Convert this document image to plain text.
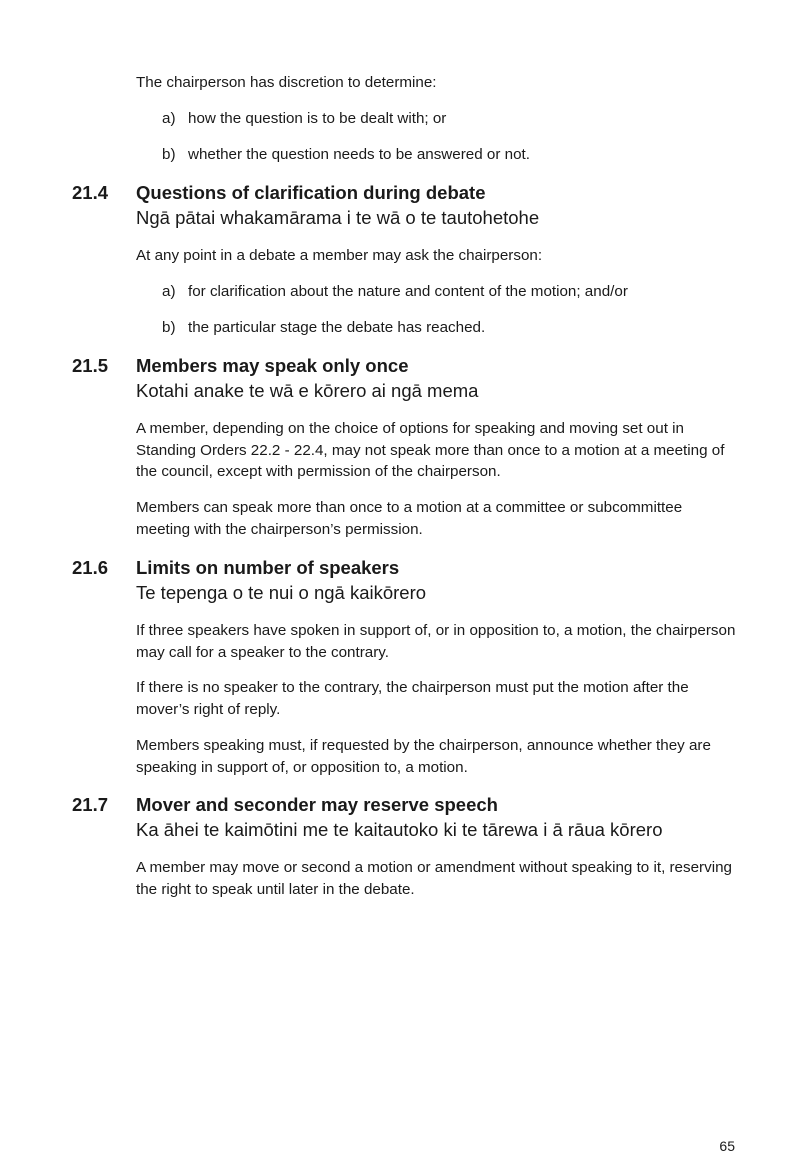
The chairperson has discretion to determine:

a) how the question is to be dealt with; or
b) whether the question needs to be answered or not.
21.4 Questions of clarification during debate
Ngā pātai whakamārama i te wā o te tautohetohe

At any point in a debate a member may ask the chairperson:

a) for clarification about the nature and content of the motion; and/or
b) the particular stage the debate has reached.
21.5 Members may speak only once
Kotahi anake te wā e kōrero ai ngā mema

A member, depending on the choice of options for speaking and moving set out in Standing Orders 22.2 - 22.4, may not speak more than once to a motion at a meeting of the council, except with permission of the chairperson.

Members can speak more than once to a motion at a committee or subcommittee meeting with the chairperson’s permission.

21.6 Limits on number of speakers
Te tepenga o te nui o ngā kaikōrero

If three speakers have spoken in support of, or in opposition to, a motion, the chairperson may call for a speaker to the contrary.

If there is no speaker to the contrary, the chairperson must put the motion after the mover’s right of reply.

Members speaking must, if requested by the chairperson, announce whether they are speaking in support of, or opposition to, a motion.

21.7 Mover and seconder may reserve speech
Ka āhei te kaimōtini me te kaitautoko ki te tārewa i ā rāua kōrero

A member may move or second a motion or amendment without speaking to it, reserving the right to speak until later in the debate.

65
